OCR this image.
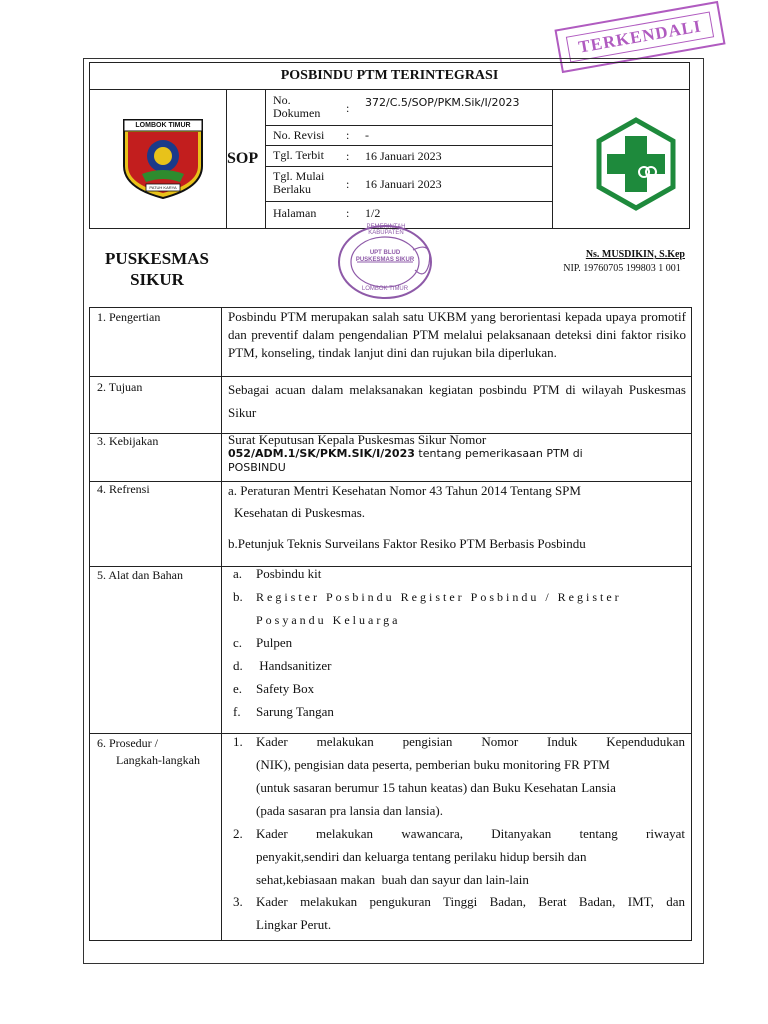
TERKENDALI
POSBINDU PTM TERINTEGRASI
LOMBOK TIMUR
PATUH KARYA
SOP
No. Dokumen	: 372/C.5/SOP/PKM.Sik/I/2023
No. Revisi : -
Tgl. Terbit : 16 Januari 2023
Tgl. Mulai Berlaku	: 16 Januari 2023
Halaman : 1/2
PUSKESMAS SIKUR
PEMERINTAH KABUPATEN
UPT BLUD PUSKESMAS SIKUR
LOMBOK TIMUR
Ns. MUSDIKIN, S.Kep
NIP. 19760705 199803 1 001
1. Pengertian	Posbindu PTM merupakan salah satu UKBM yang berorientasi kepada upaya promotif dan preventif dalam pengendalian PTM melalui pelaksanaan deteksi dini faktor risiko PTM, konseling, tindak lanjut dini dan rujukan bila diperlukan.
2. Tujuan	Sebagai acuan dalam melaksanakan kegiatan posbindu PTM di wilayah Puskesmas Sikur
3. Kebijakan	Surat Keputusan Kepala Puskesmas Sikur Nomor
052/ADM.1/SK/PKM.SIK/I/2023 tentang pemerikasaan PTM di
POSBINDU
4. Refrensi	a. Peraturan Mentri Kesehatan Nomor 43 Tahun 2014 Tentang SPM
Kesehatan di Puskesmas.
b.Petunjuk Teknis Surveilans Faktor Resiko PTM Berbasis Posbindu
5. Alat dan Bahan	a. Posbindu kit
b. Register Posbindu Register Posbindu / Register
Posyandu Keluarga
c. Pulpen
d. Handsanitizer
e. Safety Box
f. Sarung Tangan
6. Prosedur /
Langkah-langkah
1. Kader melakukan pengisian Nomor Induk Kependudukan
(NIK), pengisian data peserta, pemberian buku monitoring FR PTM
(untuk sasaran berumur 15 tahun keatas) dan Buku Kesehatan Lansia
(pada sasaran pra lansia dan lansia).
2. Kader melakukan wawancara, Ditanyakan tentang riwayat
penyakit,sendiri dan keluarga tentang perilaku hidup bersih dan
sehat,kebiasaan makan  buah dan sayur dan lain-lain
3. Kader melakukan pengukuran Tinggi Badan, Berat Badan, IMT, dan
Lingkar Perut.
